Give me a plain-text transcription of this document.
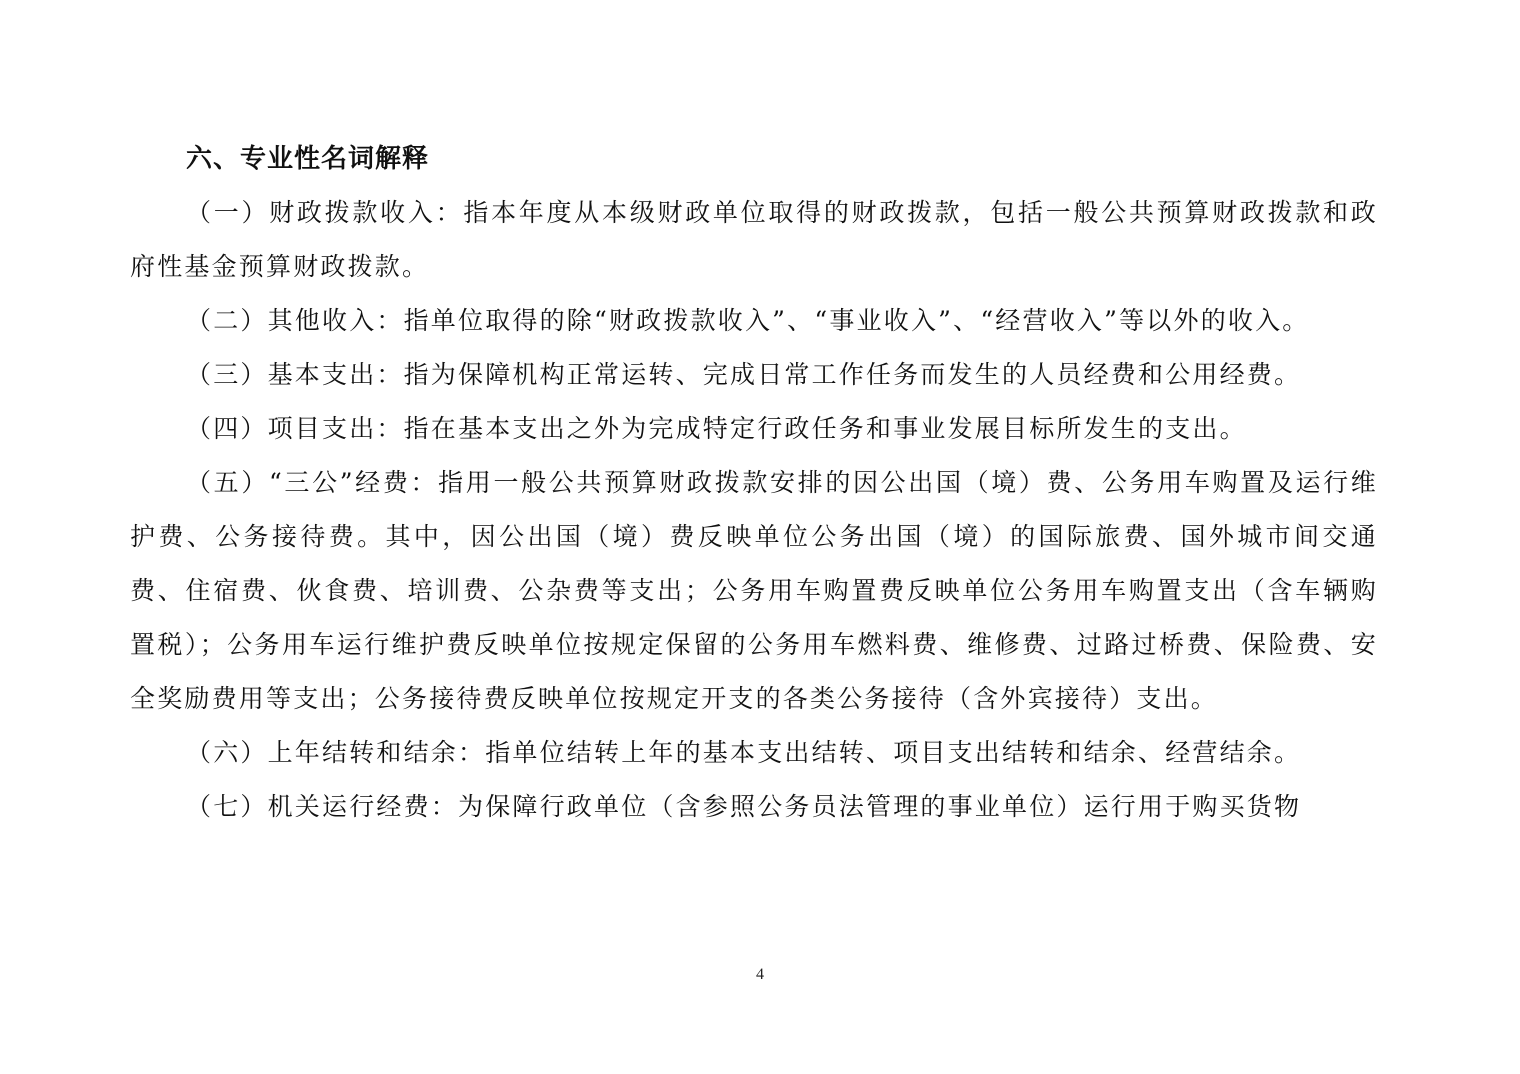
六、专业性名词解释

（一）财政拨款收入：指本年度从本级财政单位取得的财政拨款，包括一般公共预算财政拨款和政府性基金预算财政拨款。

（二）其他收入：指单位取得的除“财政拨款收入”、“事业收入”、“经营收入”等以外的收入。

（三）基本支出：指为保障机构正常运转、完成日常工作任务而发生的人员经费和公用经费。

（四）项目支出：指在基本支出之外为完成特定行政任务和事业发展目标所发生的支出。

（五）“三公”经费：指用一般公共预算财政拨款安排的因公出国（境）费、公务用车购置及运行维护费、公务接待费。其中，因公出国（境）费反映单位公务出国（境）的国际旅费、国外城市间交通费、住宿费、伙食费、培训费、公杂费等支出；公务用车购置费反映单位公务用车购置支出（含车辆购置税）；公务用车运行维护费反映单位按规定保留的公务用车燃料费、维修费、过路过桥费、保险费、安全奖励费用等支出；公务接待费反映单位按规定开支的各类公务接待（含外宾接待）支出。

（六）上年结转和结余：指单位结转上年的基本支出结转、项目支出结转和结余、经营结余。

（七）机关运行经费：为保障行政单位（含参照公务员法管理的事业单位）运行用于购买货物

4
